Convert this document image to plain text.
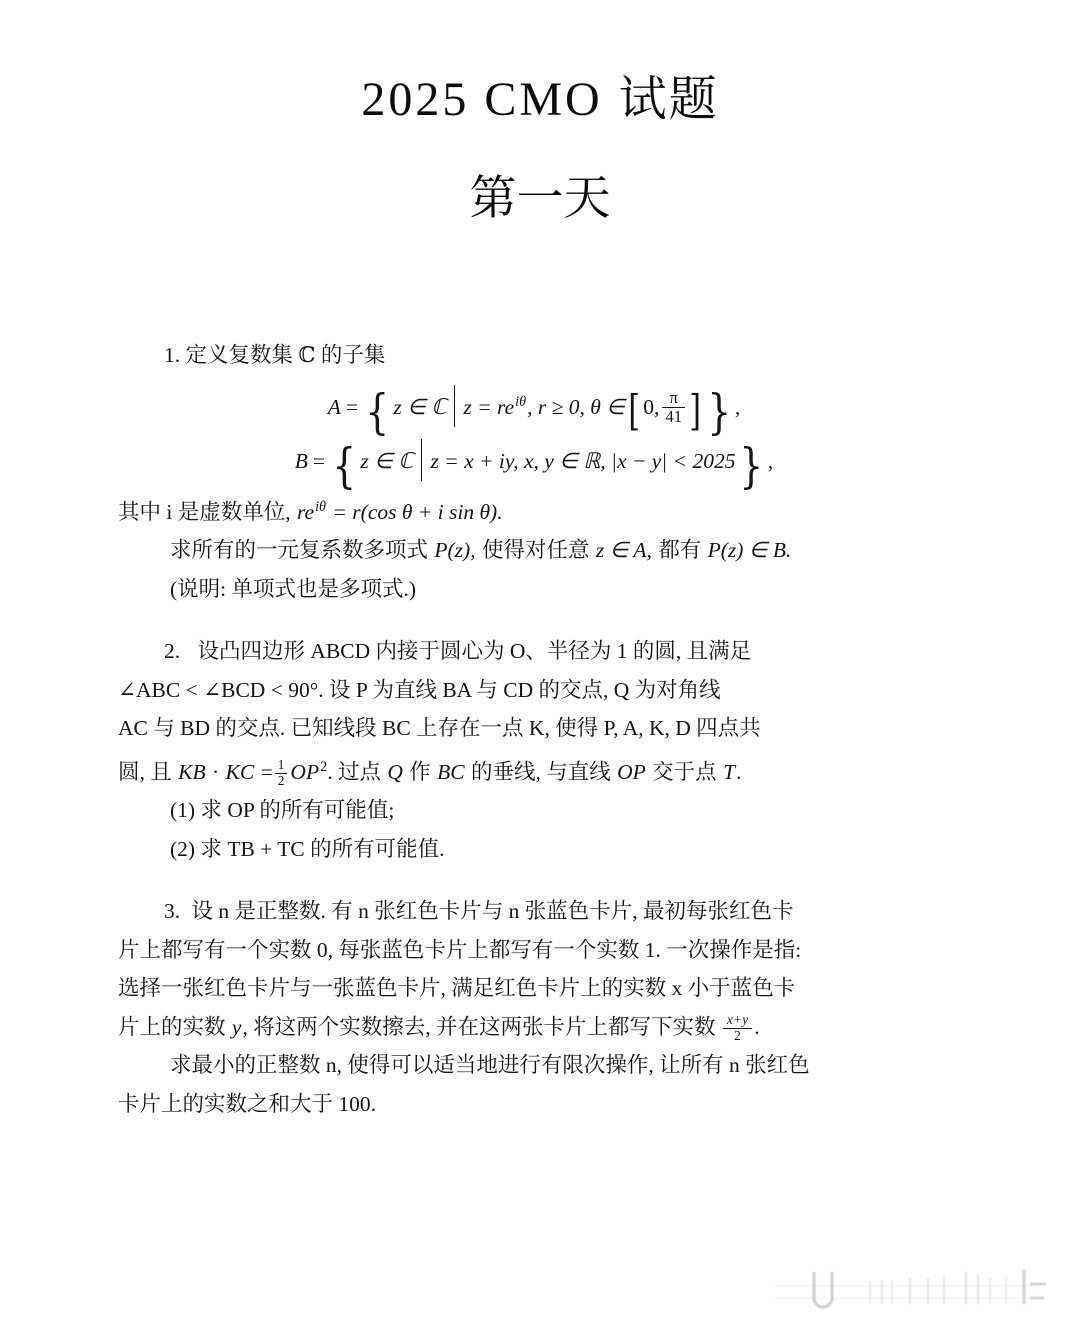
2025 CMO 试题
第一天
1. 定义复数集 ℂ 的子集
A = { z ∈ ℂ $z = re^{i\theta}$, r ≥ 0, θ ∈[ 0, $\frac{\pi}{41}$ ] } ,
B = { z ∈ ℂ z = x + iy, x, y ∈ ℝ, |x − y| < 2025} ,
其中 i 是虚数单位, $re^{i\theta} = r(\cos$ θ + i sin θ).
求所有的一元复系数多项式 P(z), 使得对任意 z ∈ A, 都有 P(z) ∈ B.
(说明: 单项式也是多项式.)
2. 设凸四边形 ABCD 内接于圆心为 O、半径为 1 的圆, 且满足
∠ABC < ∠BCD < 90°. 设 P 为直线 BA 与 CD 的交点, Q 为对角线
AC 与 BD 的交点. 已知线段 BC 上存在一点 K, 使得 P, A, K, D 四点共
圆, 且 KB · KC = $\frac{1}{2} OP^2$. 过点 Q 作 BC 的垂线, 与直线 OP 交于点 T.
(1) 求 OP 的所有可能值;
(2) 求 TB + TC 的所有可能值.
3. 设 n 是正整数. 有 n 张红色卡片与 n 张蓝色卡片, 最初每张红色卡
片上都写有一个实数 0, 每张蓝色卡片上都写有一个实数 1. 一次操作是指:
选择一张红色卡片与一张蓝色卡片, 满足红色卡片上的实数 x 小于蓝色卡
片上的实数 y, 将这两个实数擦去, 并在这两张卡片上都写下实数 $\frac{x+y}{2}$ .
求最小的正整数 n, 使得可以适当地进行有限次操作, 让所有 n 张红色
卡片上的实数之和大于 100.
